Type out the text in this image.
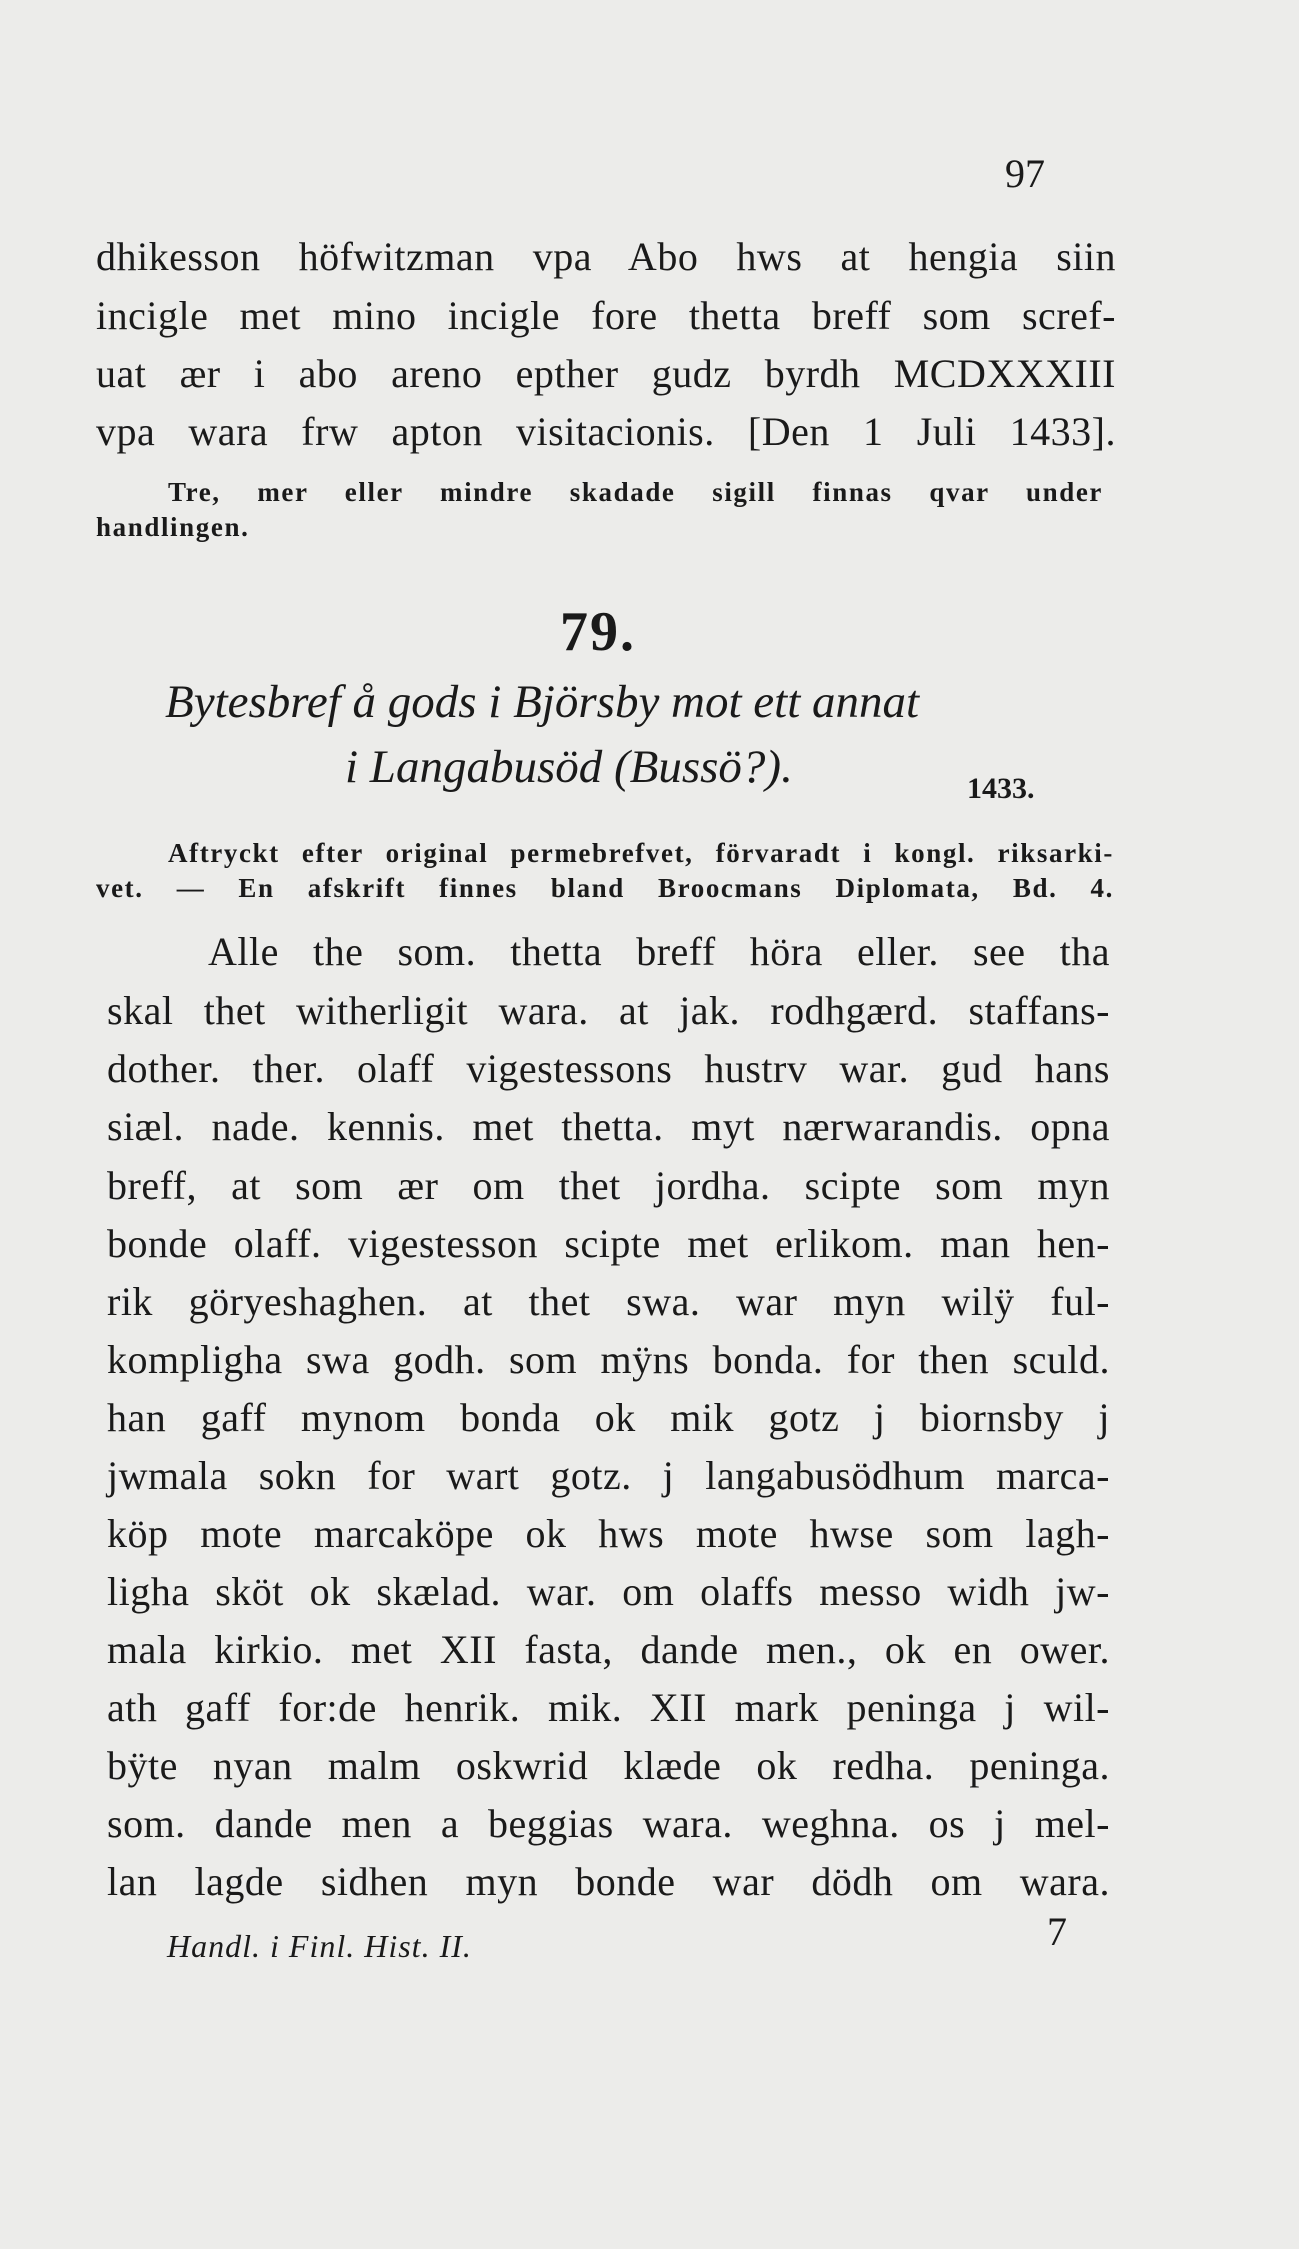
97

dhikesson höfwitzman vpa Abo hws at hengia siin

incigle met mino incigle fore thetta breff som scref-

uat ær i abo areno epther gudz byrdh MCDXXXIII

vpa wara frw apton visitacionis. [Den 1 Juli 1433].

Tre, mer eller mindre skadade sigill finnas qvar under

handlingen.

79.

Bytesbref å gods i Björsby mot ett annat

i Langabusöd (Bussö?).	1433.

Aftryckt efter original permebrefvet, förvaradt i kongl. riksarki-

vet. — En afskrift finnes bland Broocmans Diplomata, Bd. 4.

Alle the som. thetta breff höra eller. see tha

skal thet witherligit wara. at jak. rodhgærd. staffans-

dother. ther. olaff vigestessons hustrv war. gud hans

siæl. nade. kennis. met thetta. myt nærwarandis. opna

breff, at som ær om thet jordha. scipte som myn

bonde olaff. vigestesson scipte met erlikom. man hen-

rik göryeshaghen. at thet swa. war myn wilÿ ful-

kompligha swa godh. som mÿns bonda. for then sculd.

han gaff mynom bonda ok mik gotz j biornsby j

jwmala sokn for wart gotz. j langabusödhum marca-

köp mote marcaköpe ok hws mote hwse som lagh-

ligha sköt ok skælad. war. om olaffs messo widh jw-

mala kirkio. met XII fasta, dande men., ok en ower.

ath gaff for:de henrik. mik. XII mark peninga j wil-

bÿte nyan malm oskwrid klæde ok redha. peninga.

som. dande men a beggias wara. weghna. os j mel-

lan lagde sidhen myn bonde war dödh om wara.

Handl. i Finl. Hist. II.	7
